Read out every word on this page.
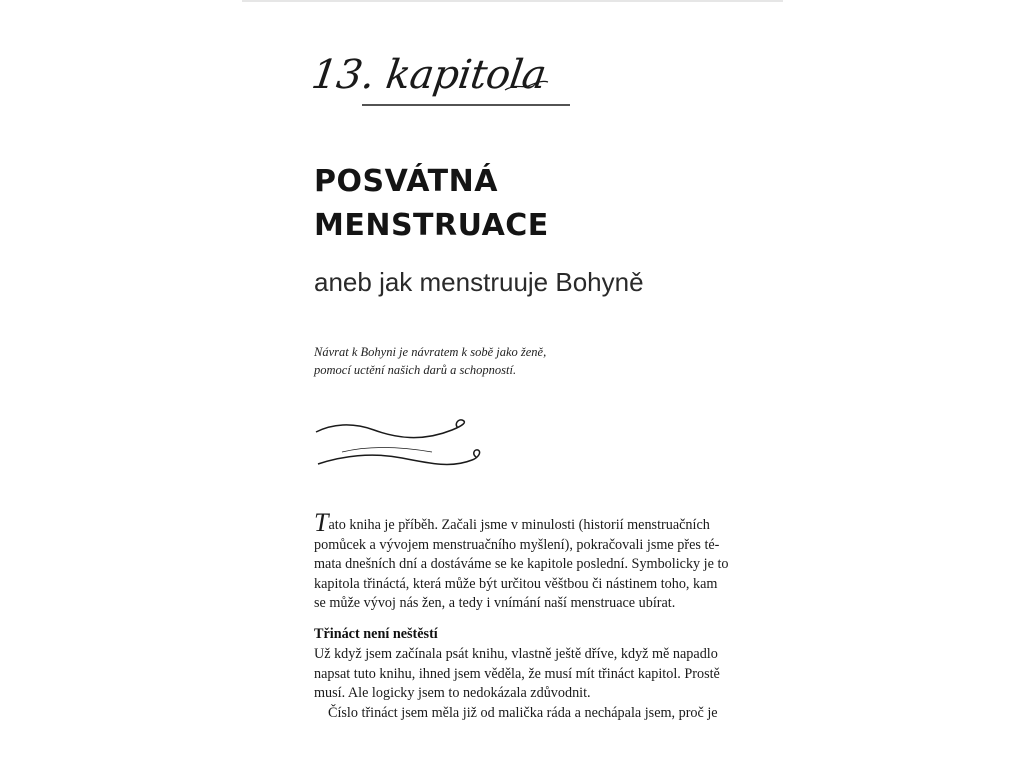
13. kapitola
POSVÁTNÁ
MENSTRUACE
aneb jak menstruuje Bohyně
Návrat k Bohyni je návratem k sobě jako ženě,
pomocí uctění našich darů a schopností.
Tato kniha je příběh. Začali jsme v minulosti (historií menstruačních
pomůcek a vývojem menstruačního myšlení), pokračovali jsme přes té-
mata dnešních dní a dostáváme se ke kapitole poslední. Symbolicky je to
kapitola třináctá, která může být určitou věštbou či nástinem toho, kam
se může vývoj nás žen, a tedy i vnímání naší menstruace ubírat.
Třináct není neštěstí
Už když jsem začínala psát knihu, vlastně ještě dříve, když mě napadlo
napsat tuto knihu, ihned jsem věděla, že musí mít třináct kapitol. Prostě
musí. Ale logicky jsem to nedokázala zdůvodnit.
Číslo třináct jsem měla již od malička ráda a nechápala jsem, proč je
